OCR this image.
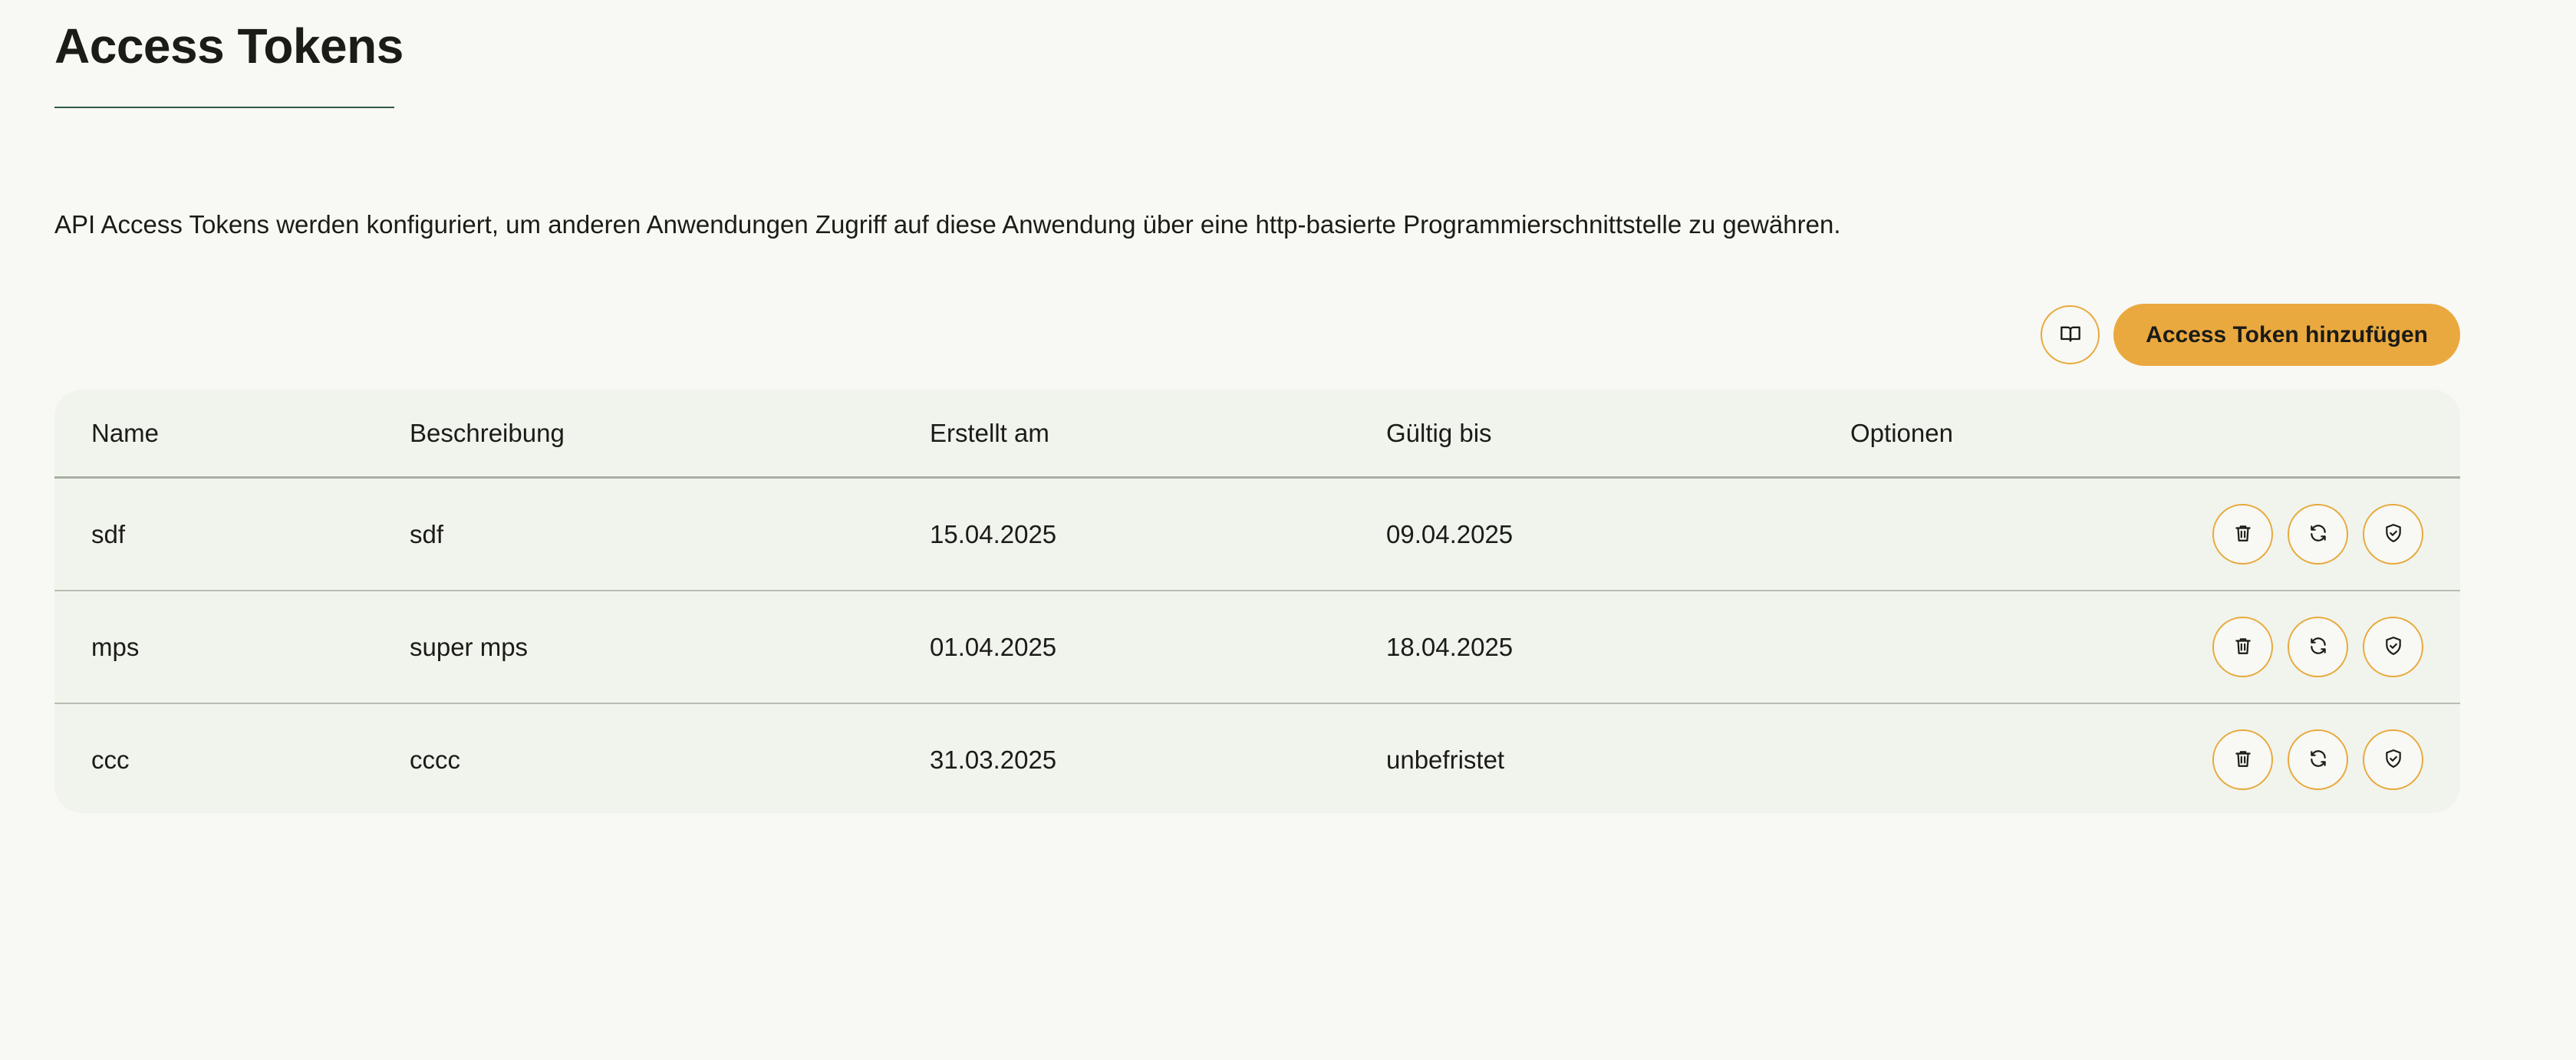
Access Tokens

API Access Tokens werden konfiguriert, um anderen Anwendungen Zugriff auf diese Anwendung über eine http-basierte Programmierschnittstelle zu gewähren.

Access Token hinzufügen
Name	Beschreibung	Erstellt am	Gültig bis	Optionen
sdf	sdf	15.04.2025	09.04.2025
mps	super mps	01.04.2025	18.04.2025
ccc	cccc	31.03.2025	unbefristet
